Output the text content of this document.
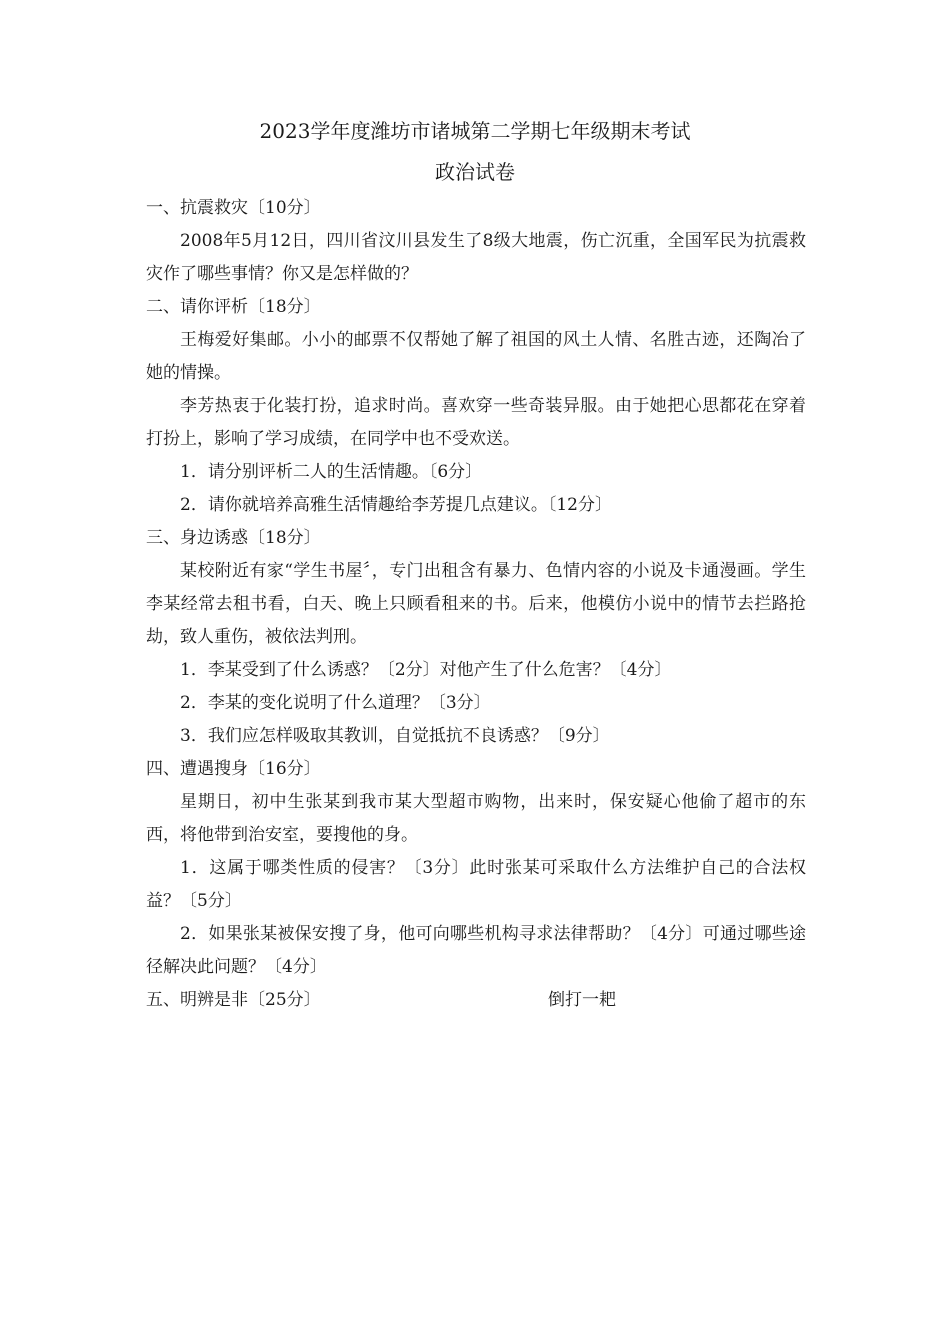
2023学年度潍坊市诸城第二学期七年级期末考试
政治试卷

一、抗震救灾〔10分〕

2008年5月12日，四川省汶川县发生了8级大地震，伤亡沉重，全国军民为抗震救灾作了哪些事情？你又是怎样做的？

二、请你评析〔18分〕

王梅爱好集邮。小小的邮票不仅帮她了解了祖国的风土人情、名胜古迹，还陶冶了她的情操。

李芳热衷于化装打扮，追求时尚。喜欢穿一些奇装异服。由于她把心思都花在穿着打扮上，影响了学习成绩，在同学中也不受欢送。

1．请分别评析二人的生活情趣。〔6分〕

2．请你就培养高雅生活情趣给李芳提几点建议。〔12分〕

三、身边诱惑〔18分〕

某校附近有家“学生书屋〞，专门出租含有暴力、色情内容的小说及卡通漫画。学生李某经常去租书看，白天、晚上只顾看租来的书。后来，他模仿小说中的情节去拦路抢劫，致人重伤，被依法判刑。

1．李某受到了什么诱惑？〔2分〕对他产生了什么危害？〔4分〕

2．李某的变化说明了什么道理？〔3分〕

3．我们应怎样吸取其教训，自觉抵抗不良诱惑？〔9分〕

四、遭遇搜身〔16分〕

星期日，初中生张某到我市某大型超市购物，出来时，保安疑心他偷了超市的东西，将他带到治安室，要搜他的身。

1．这属于哪类性质的侵害？〔3分〕此时张某可采取什么方法维护自己的合法权益？〔5分〕

2．如果张某被保安搜了身，他可向哪些机构寻求法律帮助？〔4分〕可通过哪些途径解决此问题？〔4分〕

五、明辨是非〔25分〕	倒打一耙
